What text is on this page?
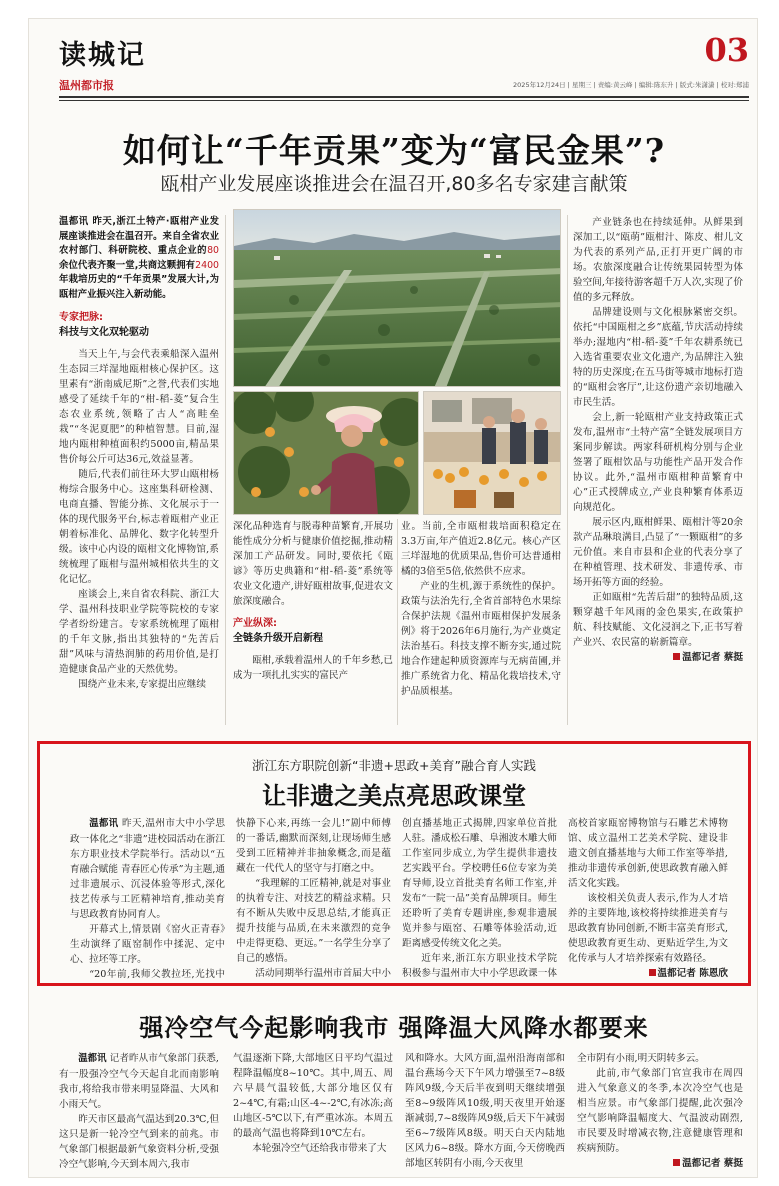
读城记
温州都市报
03
2025年12月24日 | 星期三 | 责编:黄云峰 | 编辑:陈东升 | 版式:朱潇潇 | 校对:郑浦
如何让“千年贡果”变为“富民金果”?
瓯柑产业发展座谈推进会在温召开,80多名专家建言献策
温都讯 昨天,浙江土特产·瓯柑产业发展座谈推进会在温召开。来自全省农业农村部门、科研院校、重点企业的80余位代表齐聚一堂,共商这颗拥有2400年栽培历史的“千年贡果”发展大计,为瓯柑产业振兴注入新动能。
专家把脉:
科技与文化双轮驱动

当天上午,与会代表乘船深入温州生态园三垟湿地瓯柑核心保护区。这里素有“浙南威尼斯”之誉,代表们实地感受了延续千年的“柑-稻-菱”复合生态农业系统,领略了古人“高畦垒栽”“冬泥夏肥”的种植智慧。目前,湿地内瓯柑种植面积约5000亩,精品果售价每公斤可达36元,效益显著。

随后,代表们前往环大罗山瓯柑杨梅综合服务中心。这座集科研检测、电商直播、智能分拣、文化展示于一体的现代服务平台,标志着瓯柑产业正朝着标准化、品牌化、数字化转型升级。该中心内设的瓯柑文化博物馆,系统梳理了瓯柑与温州城相依共生的文化记忆。

座谈会上,来自省农科院、浙江大学、温州科技职业学院等院校的专家学者纷纷建言。专家系统梳理了瓯柑的千年文脉,指出其独特的“先苦后甜”风味与清热润肺的药用价值,是打造健康食品产业的天然优势。

围绕产业未来,专家提出应继续

深化品种选育与脱毒种苗繁育,开展功能性成分分析与健康价值挖掘,推动精深加工产品研发。同时,要依托《瓯谚》等历史典籍和“柑-稻-菱”系统等农业文化遗产,讲好瓯柑故事,促进农文旅深度融合。

产业纵深:
全链条升级开启新程

瓯柑,承载着温州人的千年乡愁,已成为一项扎扎实实的富民产

业。当前,全市瓯柑栽培面积稳定在3.3万亩,年产值近2.8亿元。核心产区三垟湿地的优质果品,售价可达普通柑橘的3倍至5倍,依然供不应求。

产业的生机,源于系统性的保护。政策与法治先行,全省首部特色水果综合保护法规《温州市瓯柑保护发展条例》将于2026年6月施行,为产业奠定法治基石。科技支撑不断夯实,通过院地合作建起种质资源库与无病苗圃,并推广系统省力化、精品化栽培技术,守护品质根基。

产业链条也在持续延伸。从鲜果到深加工,以“瓯萌”瓯柑汁、陈皮、柑儿文为代表的系列产品,正打开更广阔的市场。农旅深度融合让传统果园转型为体验空间,年接待游客超千万人次,实现了价值的多元释放。

品牌建设则与文化根脉紧密交织。依托“中国瓯柑之乡”底蕴,节庆活动持续举办;湿地内“柑-稻-菱”千年农耕系统已入选省重要农业文化遗产,为品牌注入独特的历史深度;在五马街等城市地标打造的“瓯柑会客厅”,让这份遗产亲切地融入市民生活。

会上,新一轮瓯柑产业支持政策正式发布,温州市“土特产富”全链发展项目方案同步解读。两家科研机构分别与企业签署了瓯柑饮品与功能性产品开发合作协议。此外,“温州市瓯柑种苗繁育中心”正式授牌成立,产业良种繁育体系迈向规范化。

展示区内,瓯柑鲜果、瓯柑汁等20余款产品琳琅满目,凸显了“一颗瓯柑”的多元价值。来自市县和企业的代表分享了在种植管理、技术研发、非遗传承、市场开拓等方面的经验。

正如瓯柑“先苦后甜”的独特品质,这颗穿越千年风雨的金色果实,在政策护航、科技赋能、文化浸润之下,正书写着产业兴、农民富的崭新篇章。

温都记者 蔡挺
浙江东方职院创新“非遗+思政+美育”融合育人实践
让非遗之美点亮思政课堂

温都讯 昨天,温州市大中小学思政一体化之“非遗”进校园活动在浙江东方职业技术学院举行。活动以“五育融合赋能 青春匠心传承”为主题,通过非遗展示、沉浸体验等形式,深化技艺传承与工匠精神培育,推动美育与思政教育协同育人。

开幕式上,情景剧《窑火正青春》生动演绎了瓯窑制作中揉泥、定中心、拉坯等工序。

“20年前,我师父教拉坯,光找中

快静下心来,再练一会儿!”剧中师傅的一番话,幽默而深刻,让现场师生感受到工匠精神并非抽象概念,而是蕴藏在一代代人的坚守与打磨之中。

“我理解的工匠精神,就是对事业的执着专注、对技艺的精益求精。只有不断从失败中反思总结,才能真正提升技能与品质,在未来激烈的竞争中走得更稳、更远。”一名学生分享了自己的感悟。

活动同期举行温州市首届大中小

创直播基地正式揭牌,四家单位首批人驻。潘成松石雕、阜湘波木雕大师工作室同步成立,为学生提供非遗技艺实践平台。学校聘任6位专家为美育导师,设立首批美育名师工作室,并发布“一院一品”美育品牌项目。师生还聆听了美育专题讲座,参观非遗展览并参与瓯窑、石雕等体验活动,近距离感受传统文化之美。

近年来,浙江东方职业技术学院积极参与温州市大中小学思政课一体

高校首家瓯窑博物馆与石雕艺术博物馆、成立温州工艺美术学院、建设非遗文创直播基地与大师工作室等举措,推动非遗传承创新,使思政教育融入鲜活文化实践。

该校相关负责人表示,作为人才培养的主要阵地,该校将持续推进美育与思政教育协同创新,不断丰富美育形式,使思政教育更生动、更贴近学生,为文化传承与人才培养探索有效路径。

温都记者 陈恩欣
强冷空气今起影响我市 强降温大风降水都要来

温都讯 记者昨从市气象部门获悉,有一股强冷空气今天起自北而南影响我市,将给我市带来明显降温、大风和小雨天气。

昨天市区最高气温达到20.3℃,但这只是新一轮冷空气到来的前兆。市气象部门根据最新气象资料分析,受强冷空气影响,今天到本周六,我市

气温逐渐下降,大部地区日平均气温过程降温幅度8~10℃。其中,周五、周六早晨气温较低,大部分地区仅有2~4℃,有霜;山区-4~-2℃,有冰冻;高山地区-5℃以下,有严重冰冻。本周五的最高气温也将降到10℃左右。

本轮强冷空气还给我市带来了大

风和降水。大风方面,温州沿海南部和温台燕场今天下午风力增强至7~8级阵风9级,今天后半夜到明天继续增强至8~9级阵风10级,明天夜里开始逐渐减弱,7~8级阵风9级,后天下午减弱至6~7级阵风8级。明天白天内陆地区风力6~8级。降水方面,今天傍晚西部地区转阴有小雨,今天夜里

全市阴有小雨,明天阴转多云。

此前,市气象部门官宣我市在周四进入气象意义的冬季,本次冷空气也是相当应景。市气象部门提醒,此次强冷空气影响降温幅度大、气温波动剧烈,市民要及时增减衣物,注意健康管理和疾病预防。

温都记者 蔡挺
